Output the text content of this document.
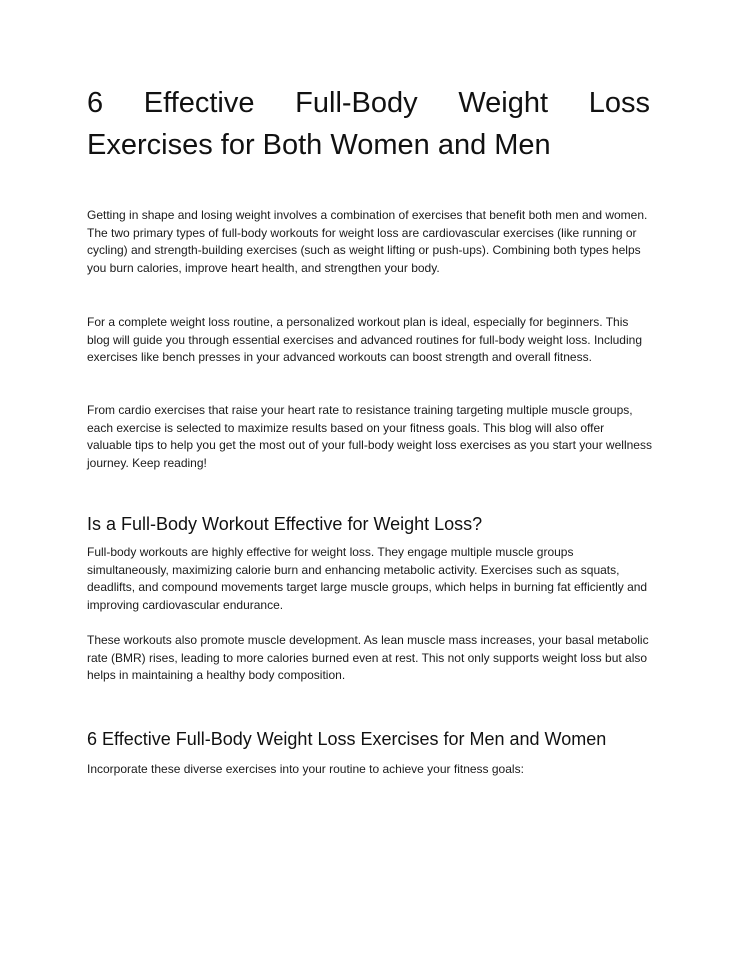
6 Effective Full-Body Weight Loss Exercises for Both Women and Men

Getting in shape and losing weight involves a combination of exercises that benefit both men and women. The two primary types of full-body workouts for weight loss are cardiovascular exercises (like running or cycling) and strength-building exercises (such as weight lifting or push-ups). Combining both types helps you burn calories, improve heart health, and strengthen your body.

For a complete weight loss routine, a personalized workout plan is ideal, especially for beginners. This blog will guide you through essential exercises and advanced routines for full-body weight loss. Including exercises like bench presses in your advanced workouts can boost strength and overall fitness.

From cardio exercises that raise your heart rate to resistance training targeting multiple muscle groups, each exercise is selected to maximize results based on your fitness goals. This blog will also offer valuable tips to help you get the most out of your full-body weight loss exercises as you start your wellness journey. Keep reading!

Is a Full-Body Workout Effective for Weight Loss?

Full-body workouts are highly effective for weight loss. They engage multiple muscle groups simultaneously, maximizing calorie burn and enhancing metabolic activity. Exercises such as squats, deadlifts, and compound movements target large muscle groups, which helps in burning fat efficiently and improving cardiovascular endurance.

These workouts also promote muscle development. As lean muscle mass increases, your basal metabolic rate (BMR) rises, leading to more calories burned even at rest. This not only supports weight loss but also helps in maintaining a healthy body composition.

6 Effective Full-Body Weight Loss Exercises for Men and Women

Incorporate these diverse exercises into your routine to achieve your fitness goals:
